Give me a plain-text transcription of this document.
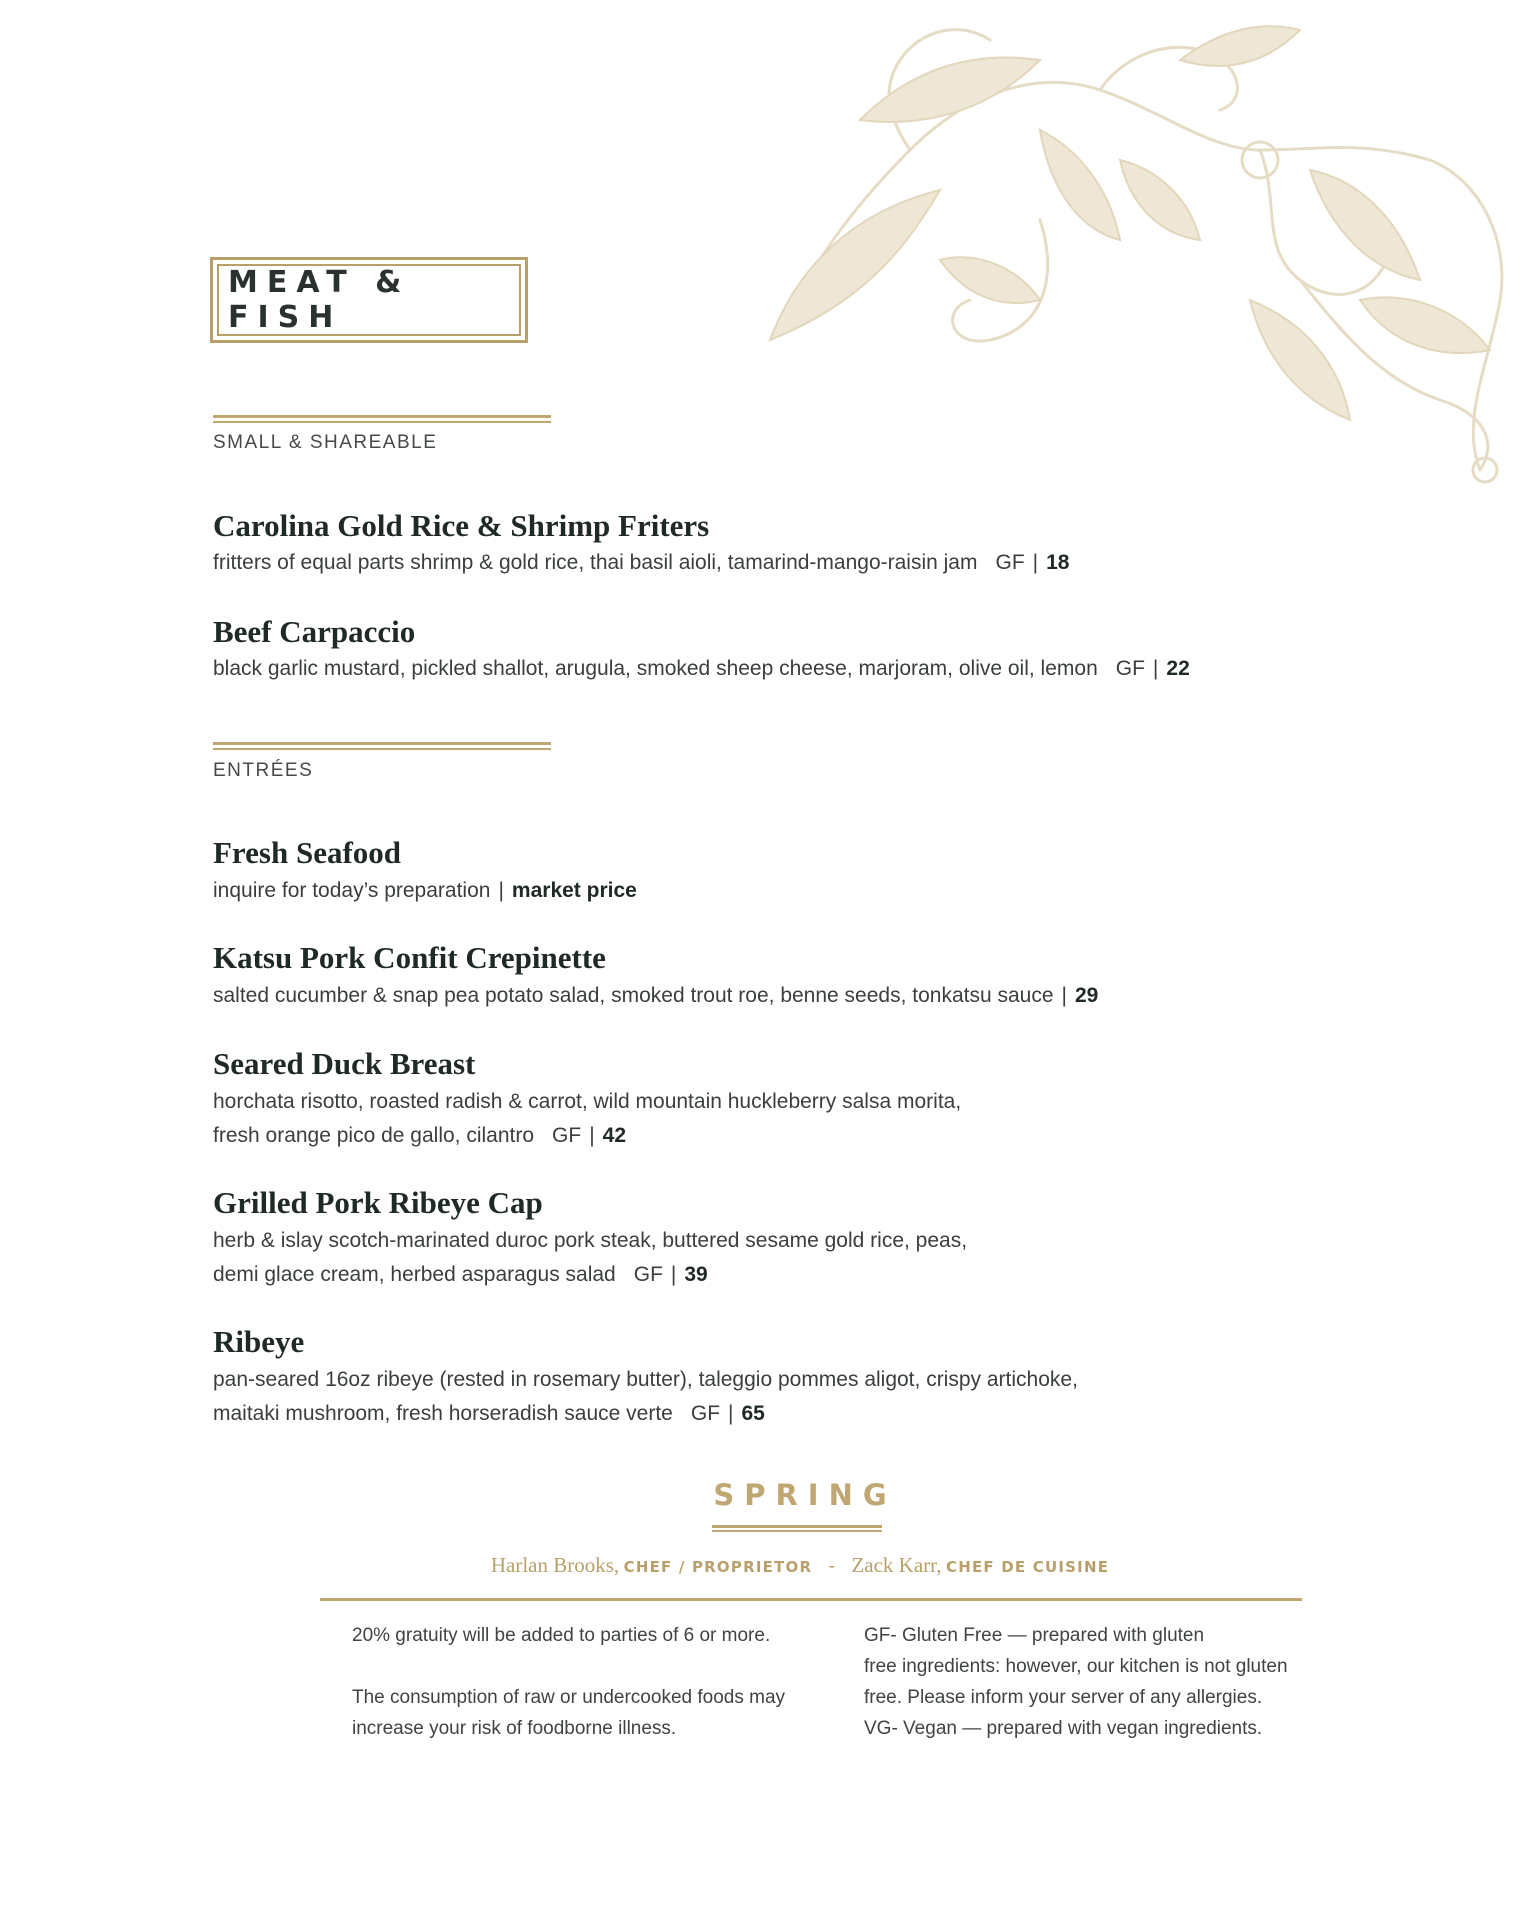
MEAT & FISH
SMALL & SHAREABLE
Carolina Gold Rice & Shrimp Friters
fritters of equal parts shrimp & gold rice, thai basil aioli, tamarind-mango-raisin jam GF | 18
Beef Carpaccio
black garlic mustard, pickled shallot, arugula, smoked sheep cheese, marjoram, olive oil, lemon GF | 22
ENTRÉES
Fresh Seafood
inquire for today’s preparation | market price
Katsu Pork Confit Crepinette
salted cucumber & snap pea potato salad, smoked trout roe, benne seeds, tonkatsu sauce | 29
Seared Duck Breast
horchata risotto, roasted radish & carrot, wild mountain huckleberry salsa morita,
fresh orange pico de gallo, cilantro GF | 42
Grilled Pork Ribeye Cap
herb & islay scotch-marinated duroc pork steak, buttered sesame gold rice, peas,
demi glace cream, herbed asparagus salad GF | 39
Ribeye
pan-seared 16oz ribeye (rested in rosemary butter), taleggio pommes aligot, crispy artichoke,
maitaki mushroom, fresh horseradish sauce verte GF | 65
SPRING
Harlan Brooks, CHEF / PROPRIETOR - Zack Karr, CHEF DE CUISINE
20% gratuity will be added to parties of 6 or more.
The consumption of raw or undercooked foods may
increase your risk of foodborne illness.
GF- Gluten Free — prepared with gluten
free ingredients: however, our kitchen is not gluten
free. Please inform your server of any allergies.
VG- Vegan — prepared with vegan ingredients.
